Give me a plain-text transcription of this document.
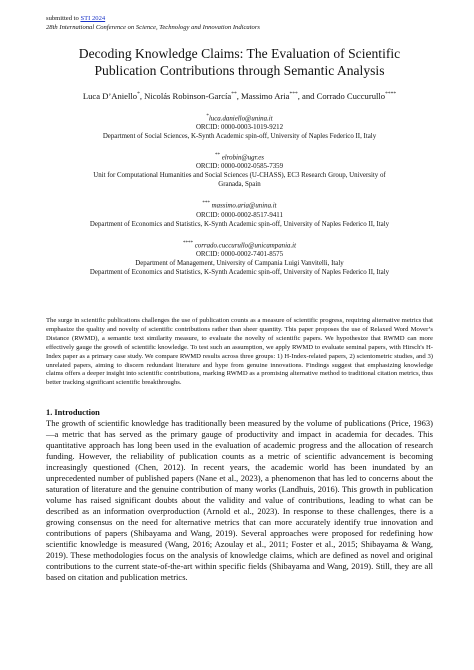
submitted to STI 2024
28th International Conference on Science, Technology and Innovation Indicators
Decoding Knowledge Claims: The Evaluation of Scientific
Publication Contributions through Semantic Analysis
Luca D’Aniello*, Nicolás Robinson-García**, Massimo Aria***, and Corrado Cuccurullo****
*luca.daniello@unina.it
ORCID: 0000-0003-1019-9212
Department of Social Sciences, K-Synth Academic spin-off, University of Naples Federico II, Italy
** elrobin@ugr.es
ORCID: 0000-0002-0585-7359
Unit for Computational Humanities and Social Sciences (U-CHASS), EC3 Research Group, University of
Granada, Spain
*** massimo.aria@unina.it
ORCID: 0000-0002-8517-9411
Department of Economics and Statistics, K-Synth Academic spin-off, University of Naples Federico II, Italy
**** corrado.cuccurullo@unicampania.it
ORCID: 0000-0002-7401-8575
Department of Management, University of Campania Luigi Vanvitelli, Italy
Department of Economics and Statistics, K-Synth Academic spin-off, University of Naples Federico II, Italy

The surge in scientific publications challenges the use of publication counts as a measure of scientific progress, requiring alternative metrics that emphasize the quality and novelty of scientific contributions rather than sheer quantity. This paper proposes the use of Relaxed Word Mover’s Distance (RWMD), a semantic text similarity measure, to evaluate the novelty of scientific papers. We hypothesize that RWMD can more effectively gauge the growth of scientific knowledge. To test such an assumption, we apply RWMD to evaluate seminal papers, with Hirsch's H-Index paper as a primary case study. We compare RWMD results across three groups: 1) H-Index-related papers, 2) scientometric studies, and 3) unrelated papers, aiming to discern redundant literature and hype from genuine innovations. Findings suggest that emphasizing knowledge claims offers a deeper insight into scientific contributions, marking RWMD as a promising alternative method to traditional citation metrics, thus better tracking significant scientific breakthroughs.

1. Introduction

The growth of scientific knowledge has traditionally been measured by the volume of publications (Price, 1963) —a metric that has served as the primary gauge of productivity and impact in academia for decades. This quantitative approach has long been used in the evaluation of academic progress and the allocation of research funding. However, the reliability of publication counts as a metric of scientific advancement is becoming increasingly questioned (Chen, 2012). In recent years, the academic world has been inundated by an unprecedented number of published papers (Nane et al., 2023), a phenomenon that has led to concerns about the saturation of literature and the genuine contribution of many works (Landhuis, 2016). This growth in publication volume has raised significant doubts about the validity and value of contributions, leading to what can be described as an information overproduction (Arnold et al., 2023). In response to these challenges, there is a growing consensus on the need for alternative metrics that can more accurately identify true innovation and contributions of papers (Shibayama and Wang, 2019). Several approaches were proposed for redefining how scientific knowledge is measured (Wang, 2016; Azoulay et al., 2011; Foster et al., 2015; Shibayama & Wang, 2019). These methodologies focus on the analysis of knowledge claims, which are defined as novel and original contributions to the current state-of-the-art within specific fields (Shibayama and Wang, 2019). Still, they are all based on citation and publication metrics.
